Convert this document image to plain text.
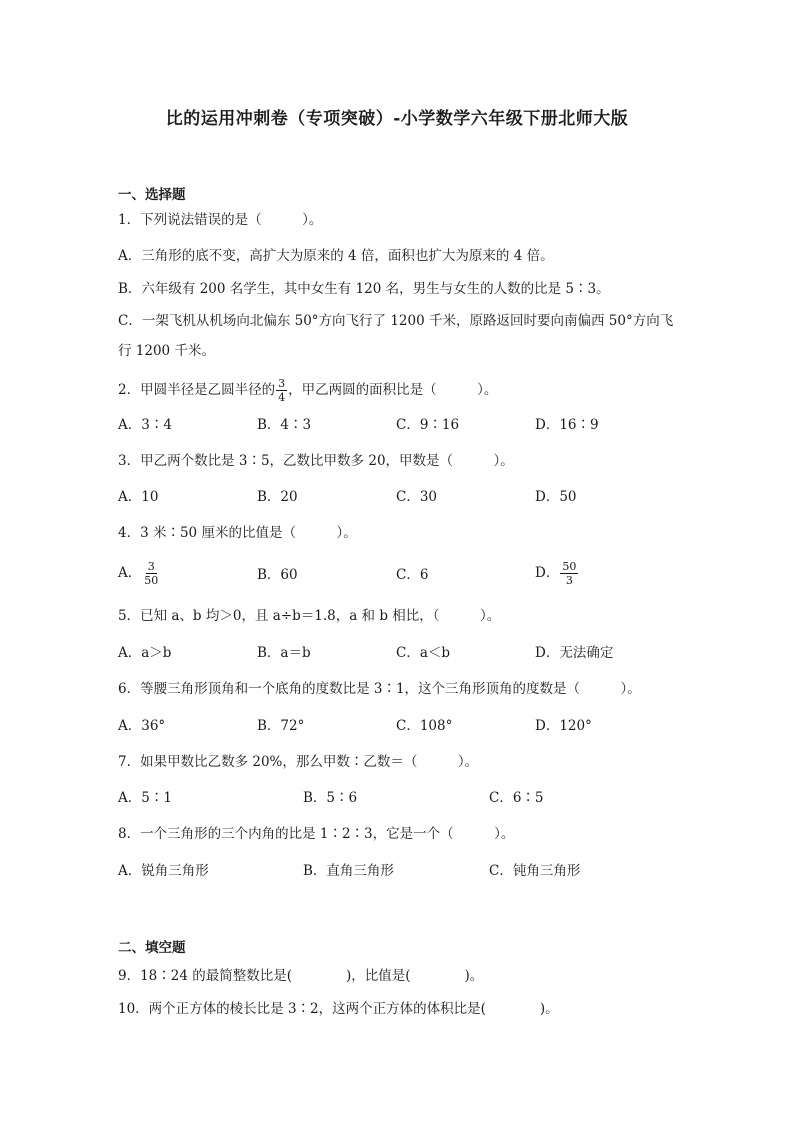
比的运用冲刺卷（专项突破）-小学数学六年级下册北师大版
一、选择题
1．下列说法错误的是（　　　）。
A．三角形的底不变，高扩大为原来的 4 倍，面积也扩大为原来的 4 倍。
B．六年级有 200 名学生，其中女生有 120 名，男生与女生的人数的比是 5∶3。
C．一架飞机从机场向北偏东 50°方向飞行了 1200 千米，原路返回时要向南偏西 50°方向飞
行 1200 千米。
2．甲圆半径是乙圆半径的 $\frac{3}{4}$ ，甲乙两圆的面积比是（　　　）。
A．3∶4	B．4∶3	C．9∶16	D．16∶9
3．甲乙两个数比是 3∶5，乙数比甲数多 20，甲数是（　　　）。
A．10	B．20	C．30	D．50
4．3 米∶50 厘米的比值是（　　　）。
A． $\frac{3}{50}$	B．60	C．6	D． $\frac{50}{3}$
5．已知 a、b 均＞0，且 a÷b＝1.8，a 和 b 相比，（　　　）。
A．a＞b	B．a＝b	C．a＜b	D．无法确定
6．等腰三角形顶角和一个底角的度数比是 3∶1，这个三角形顶角的度数是（　　　）。
A．36°	B．72°	C．108°	D．120°
7．如果甲数比乙数多 20%，那么甲数∶乙数＝（　　　）。
A．5∶1	B．5∶6	C．6∶5
8．一个三角形的三个内角的比是 1∶2∶3，它是一个（　　　）。
A．锐角三角形	B．直角三角形	C．钝角三角形
二、填空题
9．18∶24 的最简整数比是(　　　　)，比值是(　　　　)。
10．两个正方体的棱长比是 3∶2，这两个正方体的体积比是(　　　　)。
